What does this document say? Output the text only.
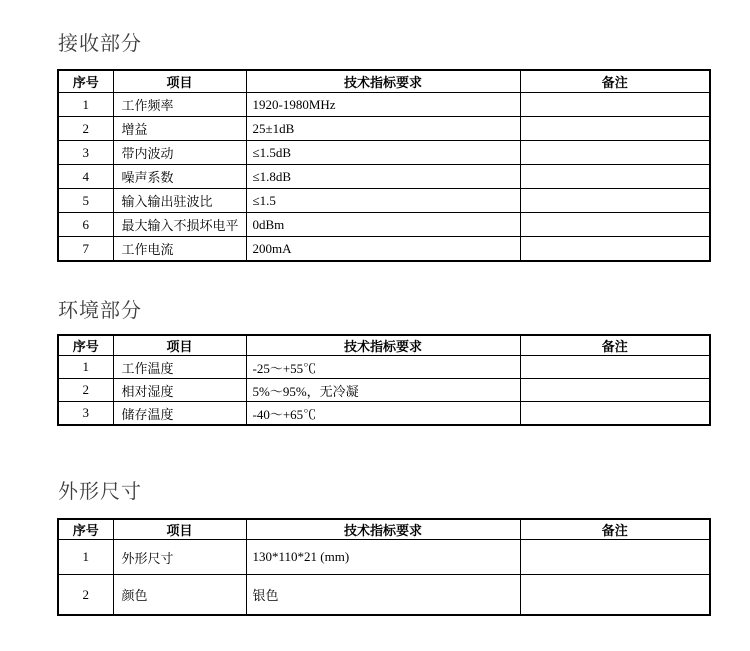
接收部分
序号	项目	技术指标要求	备注
1	工作频率	1920-1980MHz	
2	增益	25±1dB	
3	带内波动	≤1.5dB	
4	噪声系数	≤1.8dB	
5	输入输出驻波比	≤1.5	
6	最大输入不损坏电平	0dBm	
7	工作电流	200mA	
环境部分
序号	项目	技术指标要求	备注
1	工作温度	-25～+55℃	
2	相对湿度	5%～95%，无冷凝	
3	储存温度	-40～+65℃	
外形尺寸
序号	项目	技术指标要求	备注
1	外形尺寸	130*110*21 (mm)	
2	颜色	银色	
